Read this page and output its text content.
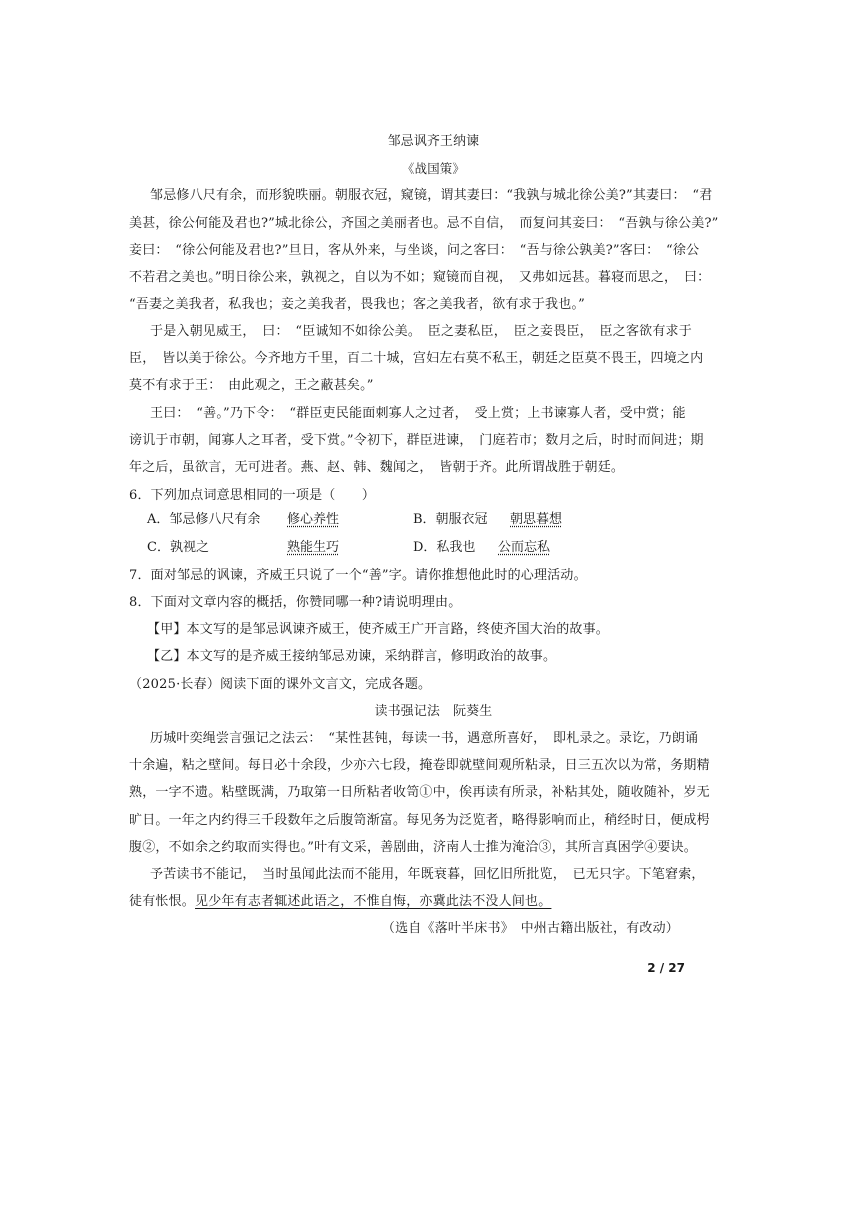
邹忌讽齐王纳谏
《战国策》
邹忌修八尺有余，而形貌昳丽。朝服衣冠，窥镜，谓其妻曰：“我孰与城北徐公美?”其妻曰：　“君
美甚，徐公何能及君也?”城北徐公，齐国之美丽者也。忌不自信，　而复问其妾曰：　“吾孰与徐公美?”
妾曰：　“徐公何能及君也?”旦日，客从外来，与坐谈，问之客曰：　“吾与徐公孰美?”客曰：　“徐公
不若君之美也。”明日徐公来，孰视之，自以为不如；窥镜而自视，　又弗如远甚。暮寝而思之，　曰：
“吾妻之美我者，私我也；妾之美我者，畏我也；客之美我者，欲有求于我也。”
于是入朝见威王，　曰：　“臣诚知不如徐公美。　臣之妻私臣，　臣之妾畏臣，　臣之客欲有求于
臣，　皆以美于徐公。今齐地方千里，百二十城，宫妇左右莫不私王，朝廷之臣莫不畏王，四境之内
莫不有求于王：　由此观之，王之蔽甚矣。”
王曰：　“善。”乃下令：　“群臣吏民能面刺寡人之过者，　受上赏；上书谏寡人者，受中赏；能
谤讥于市朝，闻寡人之耳者，受下赏。”令初下，群臣进谏，　门庭若市；数月之后，时时而间进；期
年之后，虽欲言，无可进者。燕、赵、韩、魏闻之，　皆朝于齐。此所谓战胜于朝廷。
6．下列加点词意思相同的一项是（　　）
A．邹忌修八尺有余 修心养性	B．朝服衣冠 朝思暮想
C．孰视之	熟能生巧	D．私我也 公而忘私
7．面对邹忌的讽谏，齐威王只说了一个“善”字。请你推想他此时的心理活动。
8．下面对文章内容的概括，你赞同哪一种?请说明理由。
【甲】本文写的是邹忌讽谏齐威王，使齐威王广开言路，终使齐国大治的故事。
【乙】本文写的是齐威王接纳邹忌劝谏，采纳群言，修明政治的故事。
（2025·长春）阅读下面的课外文言文，完成各题。
读书强记法　阮葵生
历城叶奕绳尝言强记之法云：　“某性甚钝，每读一书，遇意所喜好，　即札录之。录讫，乃朗诵
十余遍，粘之壁间。每日必十余段，少亦六七段，掩卷即就壁间观所粘录，日三五次以为常，务期精
熟，一字不遗。粘壁既满，乃取第一日所粘者收笥①中，俟再读有所录，补粘其处，随收随补，岁无
旷日。一年之内约得三千段数年之后腹笥渐富。每见务为泛览者，略得影响而止，稍经时日，便成枵
腹②，不如余之约取而实得也。”叶有文采，善剧曲，济南人士推为淹洽③，其所言真困学④要诀。
予苦读书不能记，　当时虽闻此法而不能用，年既衰暮，回忆旧所批览，　已无只字。下笔窘索，
徒有怅恨。见少年有志者辄述此语之，不惟自悔，亦冀此法不没人间也。
（选自《落叶半床书》　中州古籍出版社，有改动）
2 / 27
